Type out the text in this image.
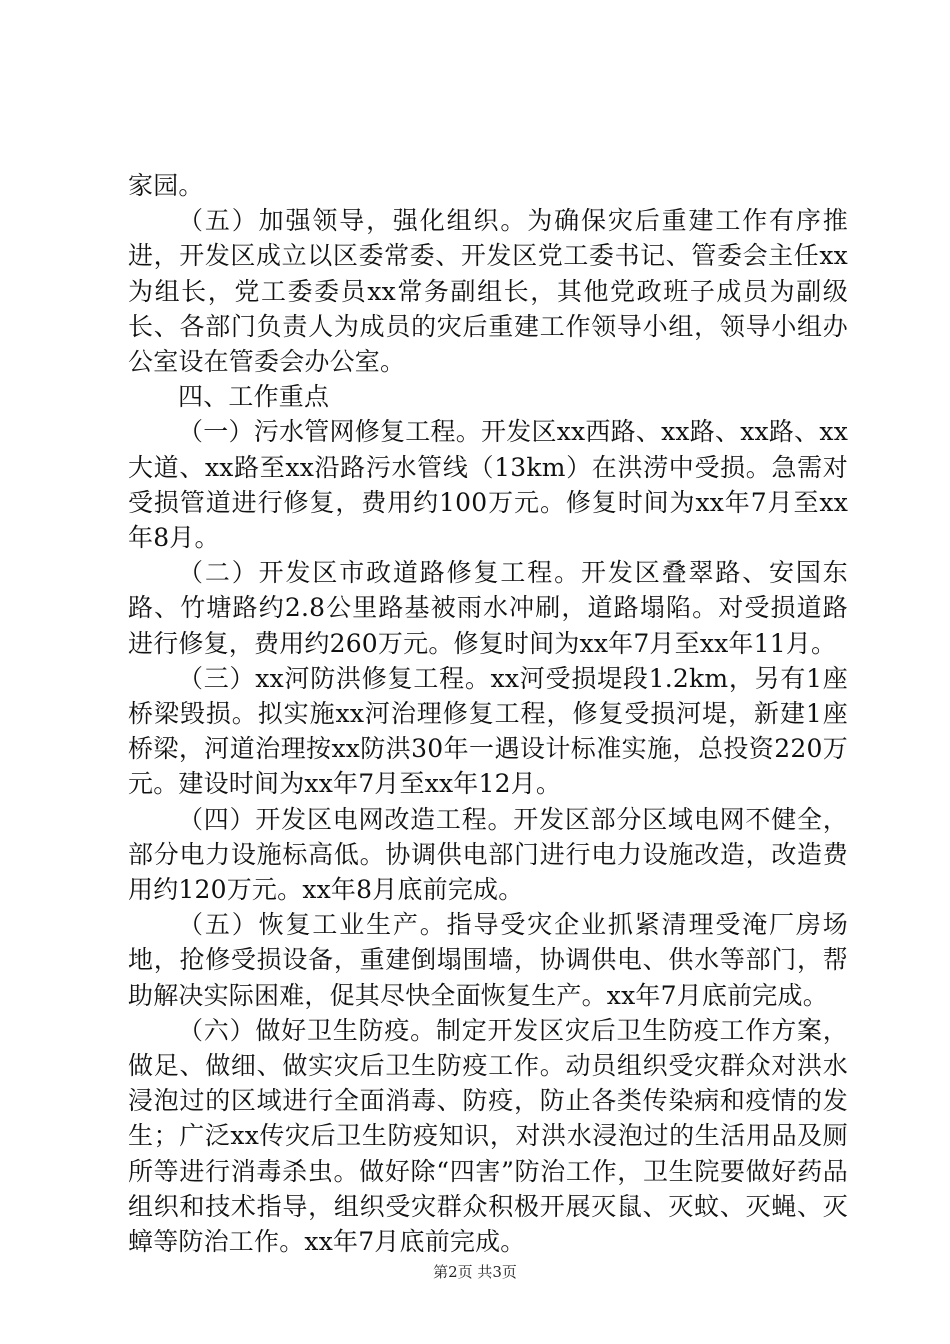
家园。

（五）加强领导，强化组织。为确保灾后重建工作有序推进，开发区成立以区委常委、开发区党工委书记、管委会主任xx为组长，党工委委员xx常务副组长，其他党政班子成员为副级长、各部门负责人为成员的灾后重建工作领导小组，领导小组办公室设在管委会办公室。

四、工作重点

（一）污水管网修复工程。开发区xx西路、xx路、xx路、xx大道、xx路至xx沿路污水管线（13km）在洪涝中受损。急需对受损管道进行修复，费用约100万元。修复时间为xx年7月至xx年8月。

（二）开发区市政道路修复工程。开发区叠翠路、安国东路、竹塘路约2.8公里路基被雨水冲刷，道路塌陷。对受损道路进行修复，费用约260万元。修复时间为xx年7月至xx年11月。

（三）xx河防洪修复工程。xx河受损堤段1.2km，另有1座桥梁毁损。拟实施xx河治理修复工程，修复受损河堤，新建1座桥梁，河道治理按xx防洪30年一遇设计标准实施，总投资220万元。建设时间为xx年7月至xx年12月。

（四）开发区电网改造工程。开发区部分区域电网不健全，部分电力设施标高低。协调供电部门进行电力设施改造，改造费用约120万元。xx年8月底前完成。

（五）恢复工业生产。指导受灾企业抓紧清理受淹厂房场地，抢修受损设备，重建倒塌围墙，协调供电、供水等部门，帮助解决实际困难，促其尽快全面恢复生产。xx年7月底前完成。

（六）做好卫生防疫。制定开发区灾后卫生防疫工作方案，做足、做细、做实灾后卫生防疫工作。动员组织受灾群众对洪水浸泡过的区域进行全面消毒、防疫，防止各类传染病和疫情的发生；广泛xx传灾后卫生防疫知识，对洪水浸泡过的生活用品及厕所等进行消毒杀虫。做好除“四害”防治工作，卫生院要做好药品组织和技术指导，组织受灾群众积极开展灭鼠、灭蚊、灭蝇、灭蟑等防治工作。xx年7月底前完成。

第2页 共3页
